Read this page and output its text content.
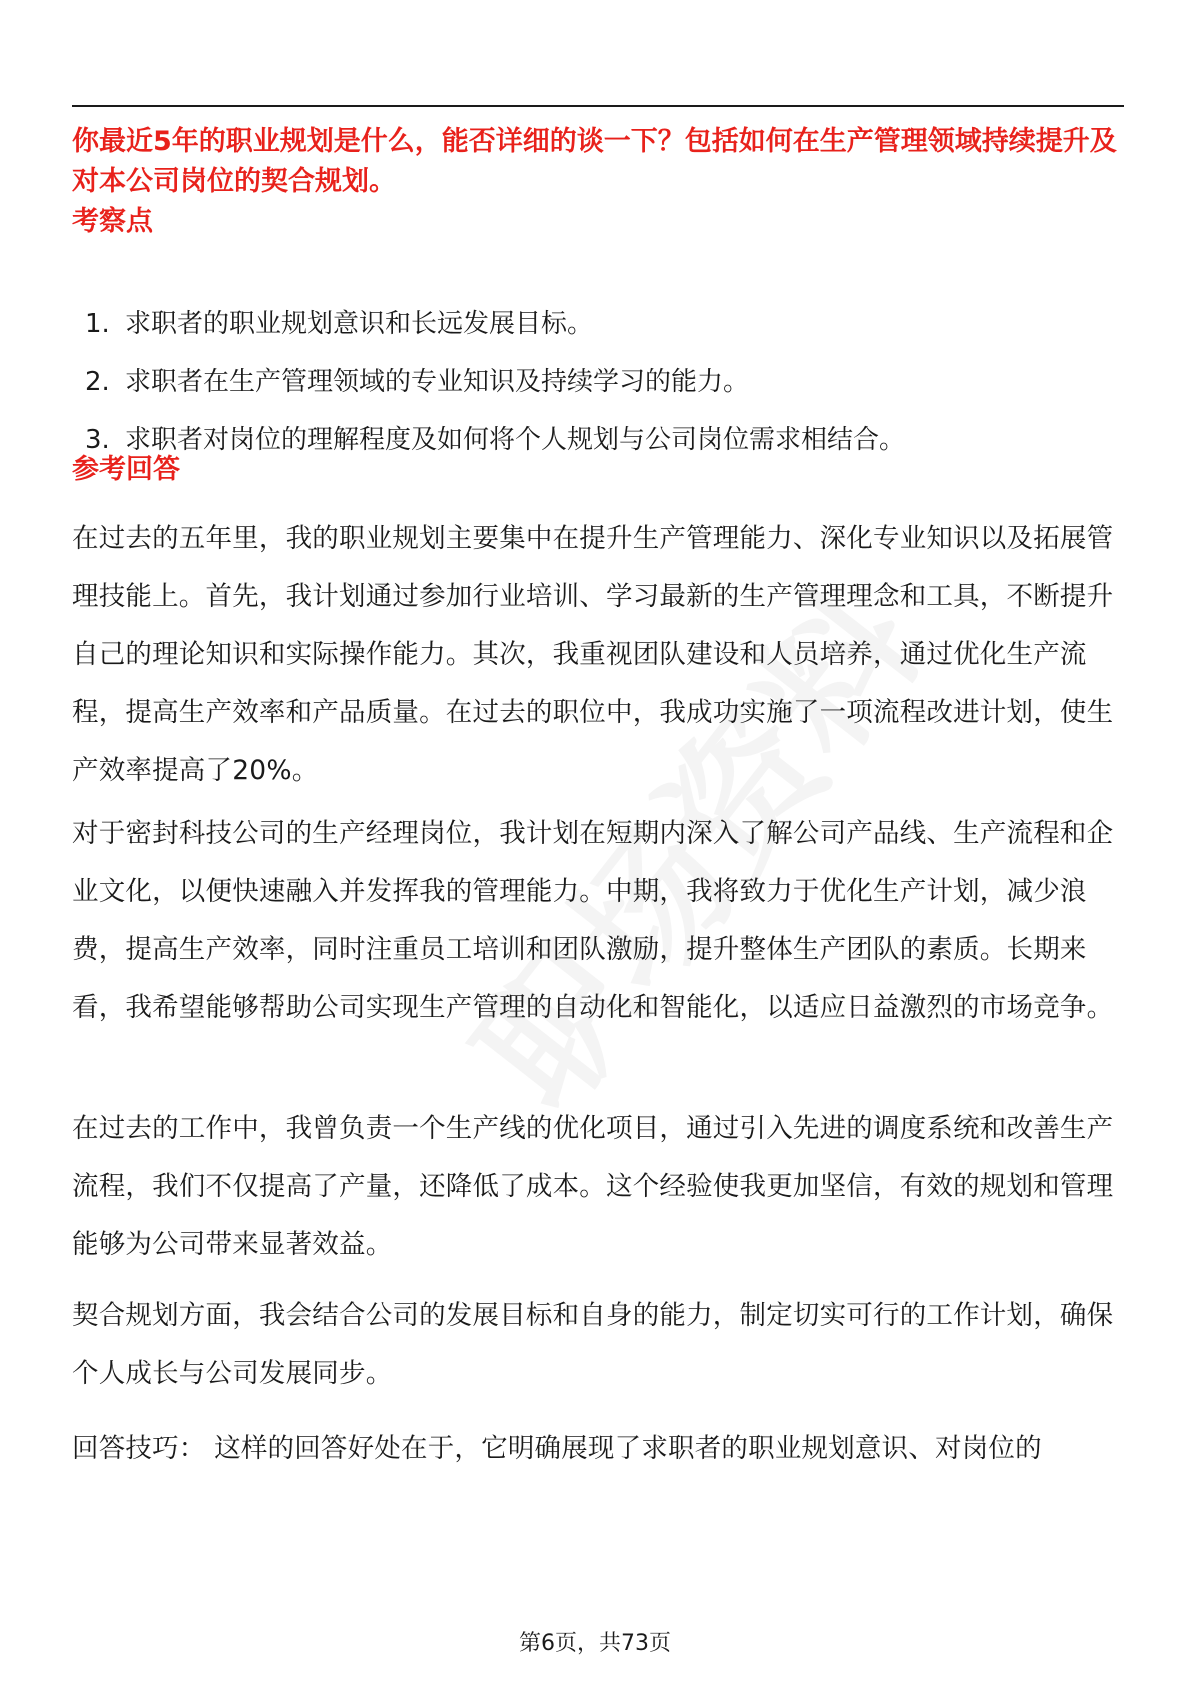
你最近5年的职业规划是什么，能否详细的谈一下？包括如何在生产管理领域持续提升及对本公司岗位的契合规划。
考察点
1. 求职者的职业规划意识和长远发展目标。
2. 求职者在生产管理领域的专业知识及持续学习的能力。
3. 求职者对岗位的理解程度及如何将个人规划与公司岗位需求相结合。
参考回答
在过去的五年里，我的职业规划主要集中在提升生产管理能力、深化专业知识以及拓展管理技能上。首先，我计划通过参加行业培训、学习最新的生产管理理念和工具，不断提升自己的理论知识和实际操作能力。其次，我重视团队建设和人员培养，通过优化生产流程，提高生产效率和产品质量。在过去的职位中，我成功实施了一项流程改进计划，使生产效率提高了20%。
对于密封科技公司的生产经理岗位，我计划在短期内深入了解公司产品线、生产流程和企业文化，以便快速融入并发挥我的管理能力。中期，我将致力于优化生产计划，减少浪费，提高生产效率，同时注重员工培训和团队激励，提升整体生产团队的素质。长期来看，我希望能够帮助公司实现生产管理的自动化和智能化，以适应日益激烈的市场竞争。
在过去的工作中，我曾负责一个生产线的优化项目，通过引入先进的调度系统和改善生产流程，我们不仅提高了产量，还降低了成本。这个经验使我更加坚信，有效的规划和管理能够为公司带来显著效益。
契合规划方面，我会结合公司的发展目标和自身的能力，制定切实可行的工作计划，确保个人成长与公司发展同步。
回答技巧： 这样的回答好处在于，它明确展现了求职者的职业规划意识、对岗位的
第6页，共73页
